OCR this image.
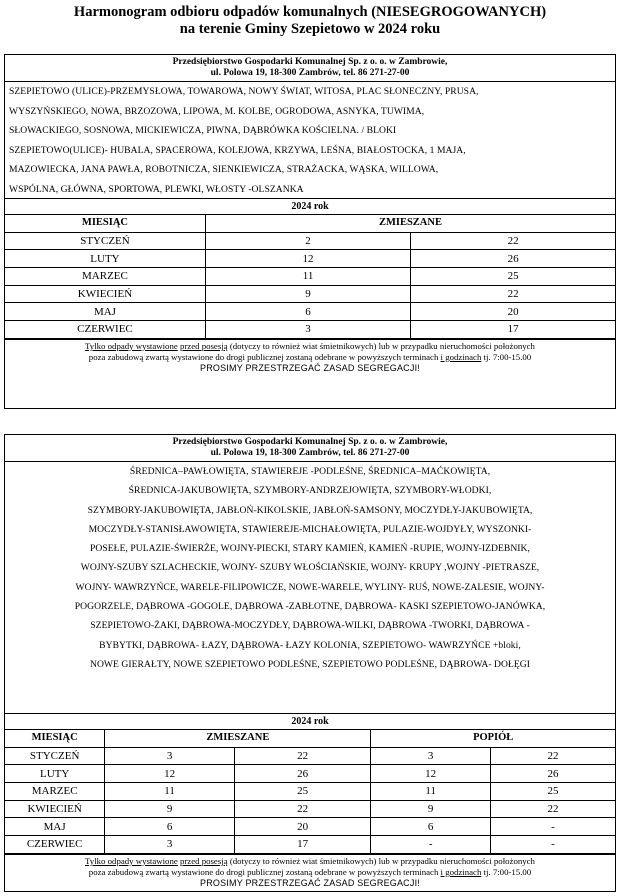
Harmonogram odbioru odpadów komunalnych (NIESEGROGOWANYCH)
na terenie Gminy Szepietowo w 2024 roku
Przedsiębiorstwo Gospodarki Komunalnej Sp. z o. o. w Zambrowie,
ul. Polowa 19, 18-300 Zambrów, tel. 86 271-27-00
SZEPIETOWO (ULICE)-PRZEMYSŁOWA, TOWAROWA, NOWY ŚWIAT, WITOSA, PLAC SŁONECZNY, PRUSA,
WYSZYŃSKIEGO, NOWA, BRZOZOWA, LIPOWA, M. KOLBE, OGRODOWA, ASNYKA, TUWIMA,
SŁOWACKIEGO, SOSNOWA, MICKIEWICZA, PIWNA, DĄBRÓWKA KOŚCIELNA. / BLOKI
SZEPIETOWO(ULICE)- HUBALA, SPACEROWA, KOLEJOWA, KRZYWA, LEŚNA, BIAŁOSTOCKA, 1 MAJA,
MAZOWIECKA, JANA PAWŁA, ROBOTNICZA, SIENKIEWICZA, STRAŻACKA, WĄSKA, WILLOWA,
WSPÓLNA, GŁÓWNA, SPORTOWA, PLEWKI, WŁOSTY -OLSZANKA
2024 rok
MIESIĄC	ZMIESZANE	
STYCZEŃ	2	22
LUTY	12	26
MARZEC	11	25
KWIECIEŃ	9	22
MAJ	6	20
CZERWIEC	3	17
Tylko odpady wystawione przed posesją (dotyczy to również wiat śmietnikowych) lub w przypadku nieruchomości położonych
poza zabudową zwartą wystawione do drogi publicznej zostaną odebrane w powyższych terminach i godzinach tj. 7:00-15.00
PROSIMY PRZESTRZEGAĆ ZASAD SEGREGACJI!
Przedsiębiorstwo Gospodarki Komunalnej Sp. z o. o. w Zambrowie,
ul. Polowa 19, 18-300 Zambrów, tel. 86 271-27-00
ŚREDNICA–PAWŁOWIĘTA, STAWIEREJE -PODLEŚNE, ŚREDNICA–MAĆKOWIĘTA,
ŚREDNICA-JAKUBOWIĘTA, SZYMBORY-ANDRZEJOWIĘTA, SZYMBORY-WŁODKI,
SZYMBORY-JAKUBOWIĘTA, JABŁOŃ-KIKOLSKIE, JABŁOŃ-SAMSONY, MOCZYDŁY-JAKUBOWIĘTA,
MOCZYDŁY-STANISŁAWOWIĘTA, STAWIEREJE-MICHAŁOWIĘTA, PULAZIE-WOJDYŁY, WYSZONKI-
POSEŁE, PULAZIE-ŚWIERŻE, WOJNY-PIECKI, STARY KAMIEŃ, KAMIEŃ -RUPIE, WOJNY-IZDEBNIK,
WOJNY-SZUBY SZLACHECKIE, WOJNY- SZUBY WŁOŚCIAŃSKIE, WOJNY- KRUPY ,WOJNY -PIETRASZE,
WOJNY- WAWRZYŃCE, WARELE-FILIPOWICZE, NOWE-WARELE, WYLINY- RUŚ, NOWE-ZALESIE, WOJNY-
POGORZELE, DĄBROWA -GOGOLE, DĄBROWA -ZABŁOTNE, DĄBROWA- KASKI SZEPIETOWO-JANÓWKA,
SZEPIETOWO-ŻAKI, DĄBROWA-MOCZYDŁY, DĄBROWA-WILKI, DĄBROWA -TWORKI, DĄBROWA -
BYBYTKI, DĄBROWA- ŁAZY, DĄBROWA- ŁAZY KOLONIA, SZEPIETOWO- WAWRZYŃCE +bloki,
NOWE GIERAŁTY, NOWE SZEPIETOWO PODLEŚNE, SZEPIETOWO PODLEŚNE, DĄBROWA- DOŁĘGI
2024 rok
MIESIĄC	ZMIESZANE		POPIÓŁ	
STYCZEŃ	3	22	3	22
LUTY	12	26	12	26
MARZEC	11	25	11	25
KWIECIEŃ	9	22	9	22
MAJ	6	20	6	-
CZERWIEC	3	17	-	-
Tylko odpady wystawione przed posesją (dotyczy to również wiat śmietnikowych) lub w przypadku nieruchomości położonych
poza zabudową zwartą wystawione do drogi publicznej zostaną odebrane w powyższych terminach i godzinach tj. 7:00-15.00
PROSIMY PRZESTRZEGAĆ ZASAD SEGREGACJI!
